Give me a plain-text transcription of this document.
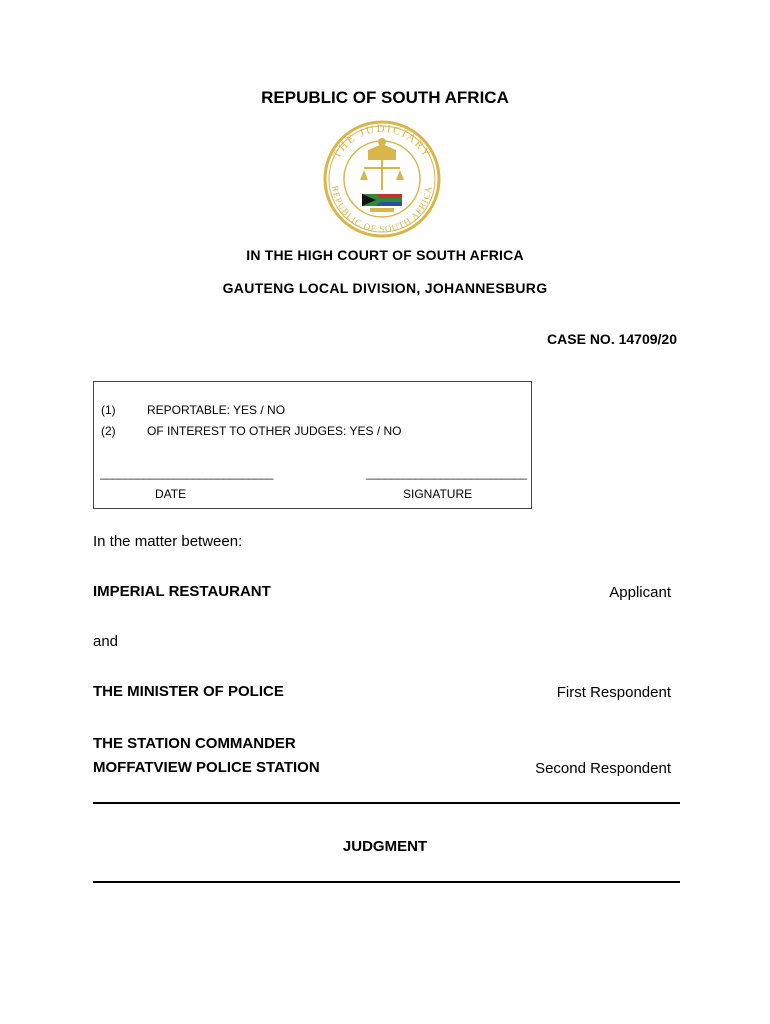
REPUBLIC OF SOUTH AFRICA
THE JUDICIARY
REPUBLIC OF SOUTH AFRICA
IN THE HIGH COURT OF SOUTH AFRICA
GAUTENG LOCAL DIVISION, JOHANNESBURG
CASE NO. 14709/20
(1)	REPORTABLE: YES / NO
(2)	OF INTEREST TO OTHER JUDGES: YES / NO
____________________________	__________________________
DATE	SIGNATURE
In the matter between:
IMPERIAL RESTAURANT	Applicant
and
THE MINISTER OF POLICE	First Respondent
THE STATION COMMANDER
MOFFATVIEW POLICE STATION	Second Respondent
JUDGMENT
